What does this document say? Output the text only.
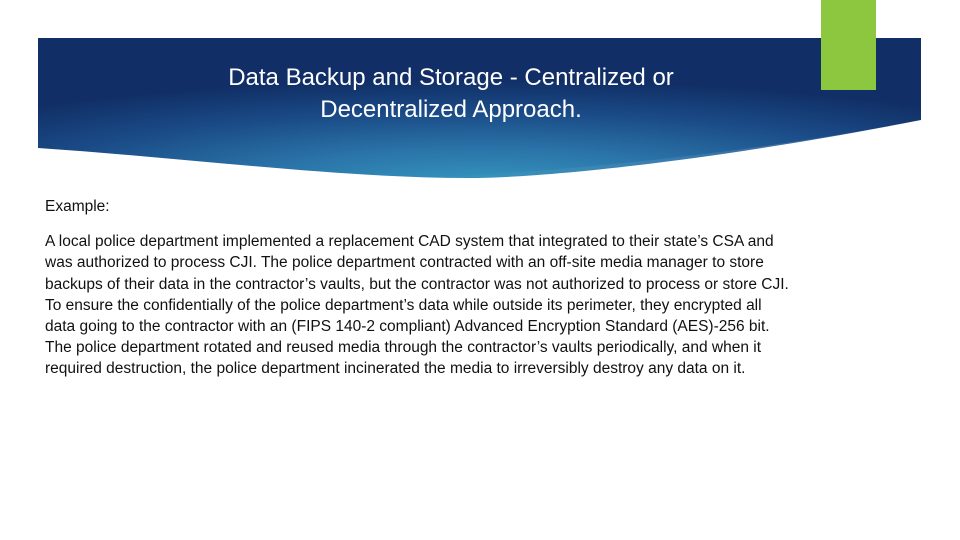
Data Backup and Storage - Centralized or
Decentralized Approach.

Example:

A local police department implemented a replacement CAD system that integrated to their state’s CSA and

was authorized to process CJI. The police department contracted with an off-site media manager to store

backups of their data in the contractor’s vaults, but the contractor was not authorized to process or store CJI.

To ensure the confidentially of the police department’s data while outside its perimeter, they encrypted all

data going to the contractor with an (FIPS 140-2 compliant) Advanced Encryption Standard (AES)-256 bit.

The police department rotated and reused media through the contractor’s vaults periodically, and when it

required destruction, the police department incinerated the media to irreversibly destroy any data on it.
